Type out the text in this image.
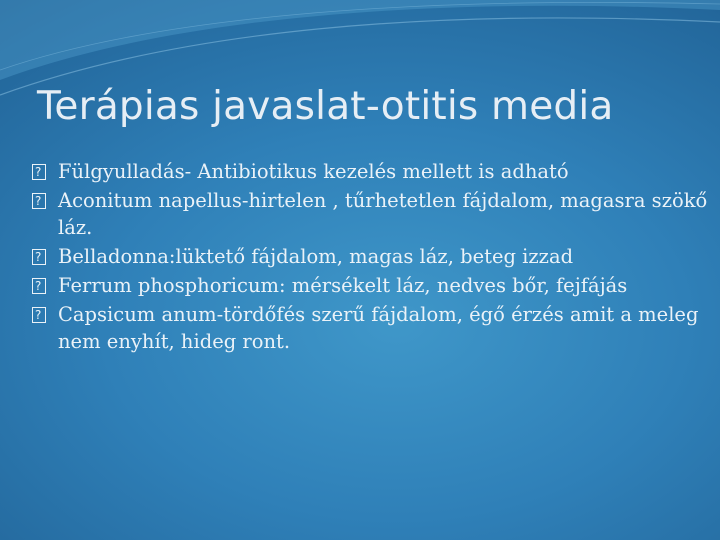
Terápias javaslat-otitis media
?
Fülgyulladás- Antibiotikus kezelés mellett is adható
?
Aconitum napellus-hirtelen , tűrhetetlen fájdalom, magasra szökő láz.
?
Belladonna:lüktető fájdalom, magas láz, beteg izzad
?
Ferrum phosphoricum: mérsékelt láz, nedves bőr, fejfájás
?
Capsicum anum-tördőfés szerű fájdalom, égő érzés amit a meleg nem enyhít, hideg ront.
